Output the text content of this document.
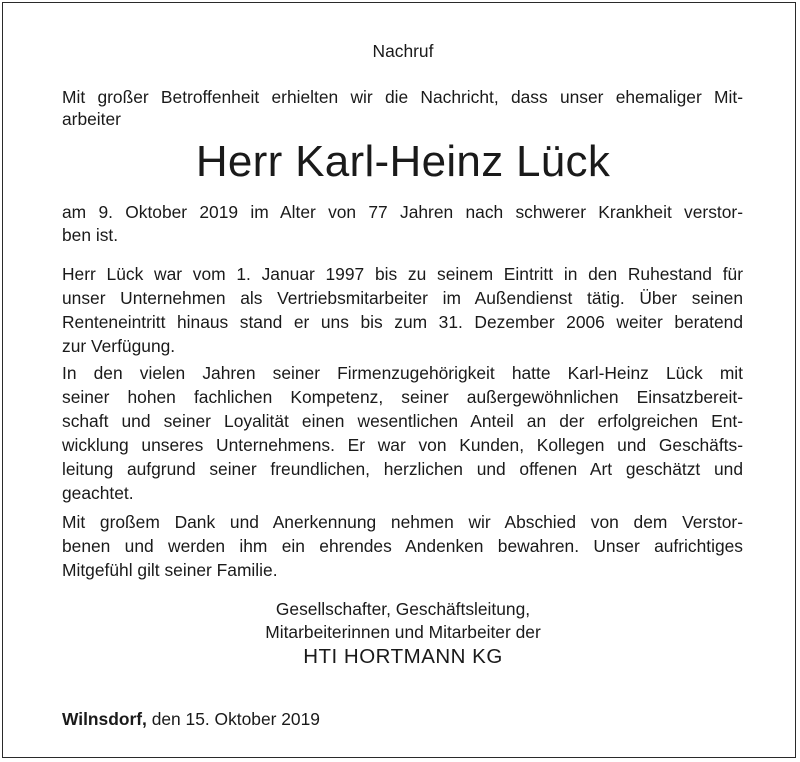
Nachruf
Mit großer Betroffenheit erhielten wir die Nachricht, dass unser ehemaliger Mit-
arbeiter
Herr Karl-Heinz Lück
am 9. Oktober 2019 im Alter von 77 Jahren nach schwerer Krankheit verstor-
ben ist.
Herr Lück war vom 1. Januar 1997 bis zu seinem Eintritt in den Ruhestand für
unser Unternehmen als Vertriebsmitarbeiter im Außendienst tätig. Über seinen
Renteneintritt hinaus stand er uns bis zum 31. Dezember 2006 weiter beratend
zur Verfügung.
In den vielen Jahren seiner Firmenzugehörigkeit hatte Karl-Heinz Lück mit
seiner hohen fachlichen Kompetenz, seiner außergewöhnlichen Einsatzbereit-
schaft und seiner Loyalität einen wesentlichen Anteil an der erfolgreichen Ent-
wicklung unseres Unternehmens. Er war von Kunden, Kollegen und Geschäfts-
leitung aufgrund seiner freundlichen, herzlichen und offenen Art geschätzt und
geachtet.
Mit großem Dank und Anerkennung nehmen wir Abschied von dem Verstor-
benen und werden ihm ein ehrendes Andenken bewahren. Unser aufrichtiges
Mitgefühl gilt seiner Familie.
Gesellschafter, Geschäftsleitung,
Mitarbeiterinnen und Mitarbeiter der
HTI HORTMANN KG
Wilnsdorf, den 15. Oktober 2019
